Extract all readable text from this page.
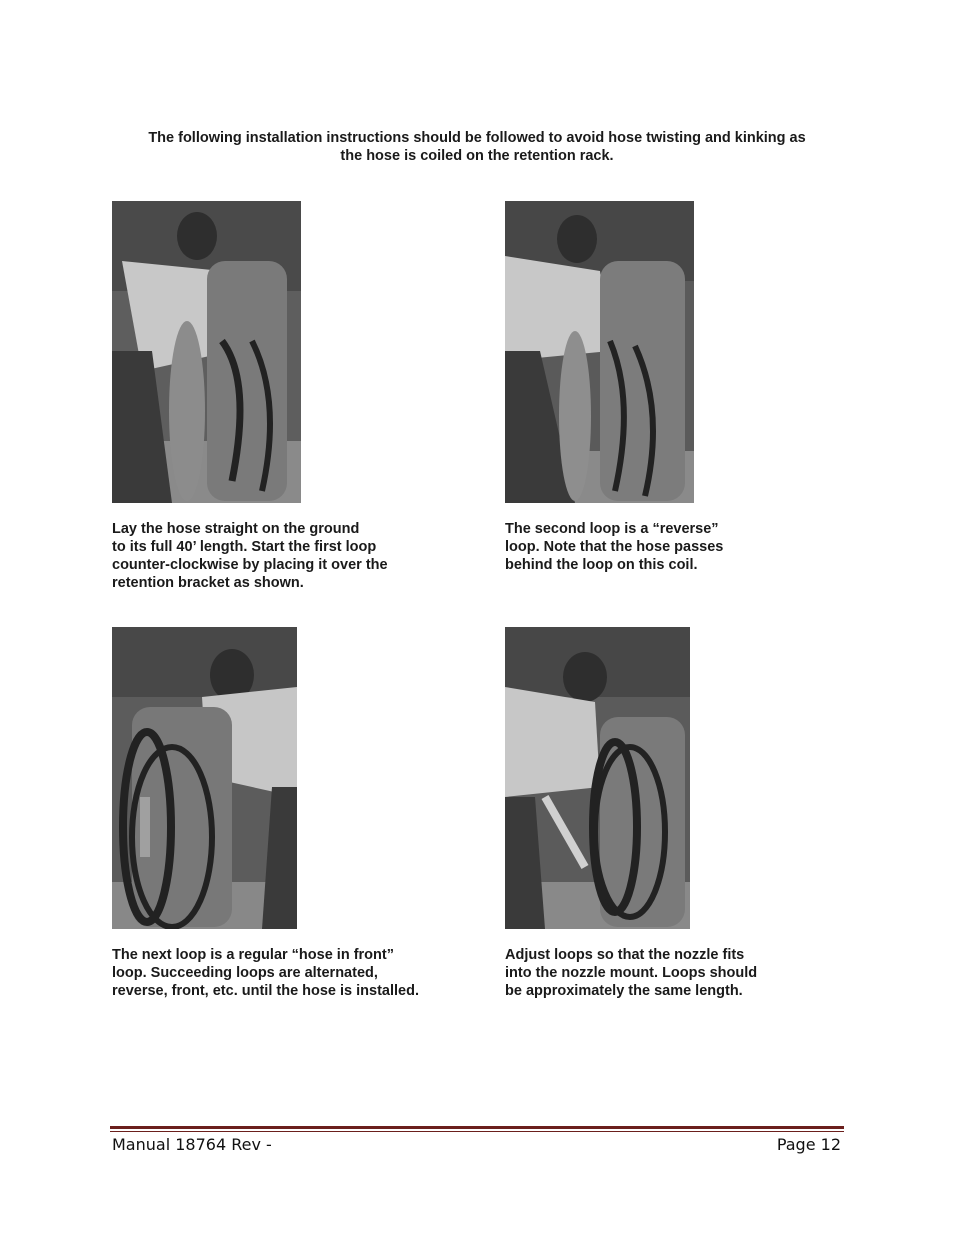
The following installation instructions should be followed to avoid hose twisting and kinking as
the hose is coiled on the retention rack.
Lay the hose straight on the ground
to its full 40’ length. Start the first loop
counter-clockwise by placing it over the
retention bracket as shown.
The second loop is a “reverse”
loop. Note that the hose passes
behind the loop on this coil.
The next loop is a regular “hose in front”
loop. Succeeding loops are alternated,
reverse, front, etc. until the hose is installed.
Adjust loops so that the nozzle fits
into the nozzle mount. Loops should
be approximately the same length.
Manual 18764 Rev -	Page 12
